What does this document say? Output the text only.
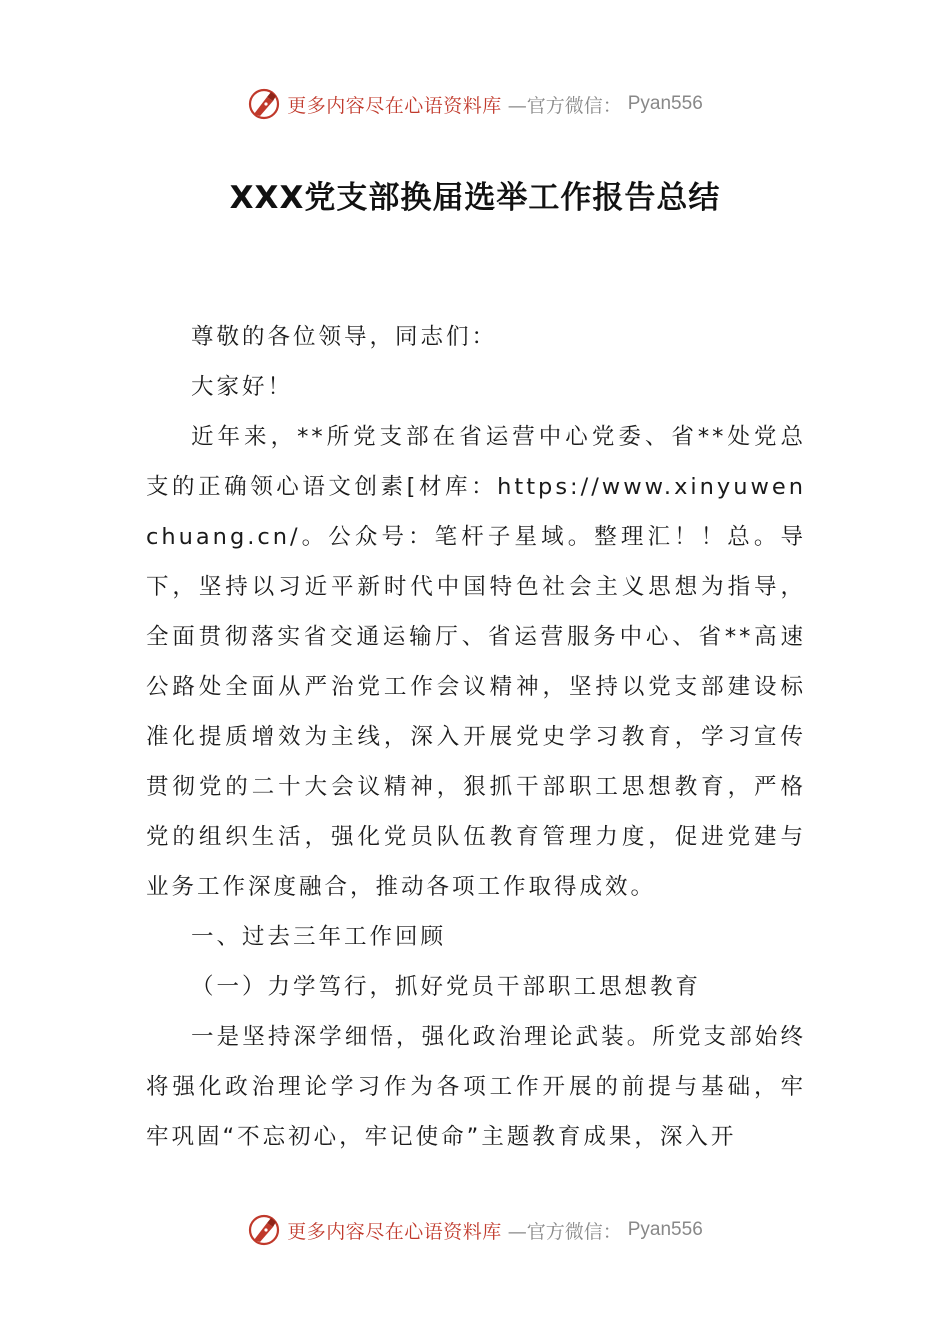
更多内容尽在心语资料库 —官方微信： Pyan556
XXX党支部换届选举工作报告总结

尊敬的各位领导，同志们：

大家好！

近年来，**所党支部在省运营中心党委、省**处党总支的正确领心语文创素[材库：https://www.xinyuwenchuang.cn/。公众号：笔杆子星域。整理汇！！总。导下，坚持以习近平新时代中国特色社会主义思想为指导，全面贯彻落实省交通运输厅、省运营服务中心、省**高速公路处全面从严治党工作会议精神，坚持以党支部建设标准化提质增效为主线，深入开展党史学习教育，学习宣传贯彻党的二十大会议精神，狠抓干部职工思想教育，严格党的组织生活，强化党员队伍教育管理力度，促进党建与业务工作深度融合，推动各项工作取得成效。

一、过去三年工作回顾

（一）力学笃行，抓好党员干部职工思想教育

一是坚持深学细悟，强化政治理论武装。所党支部始终将强化政治理论学习作为各项工作开展的前提与基础，牢牢巩固“不忘初心，牢记使命”主题教育成果，深入开

更多内容尽在心语资料库 —官方微信： Pyan556
